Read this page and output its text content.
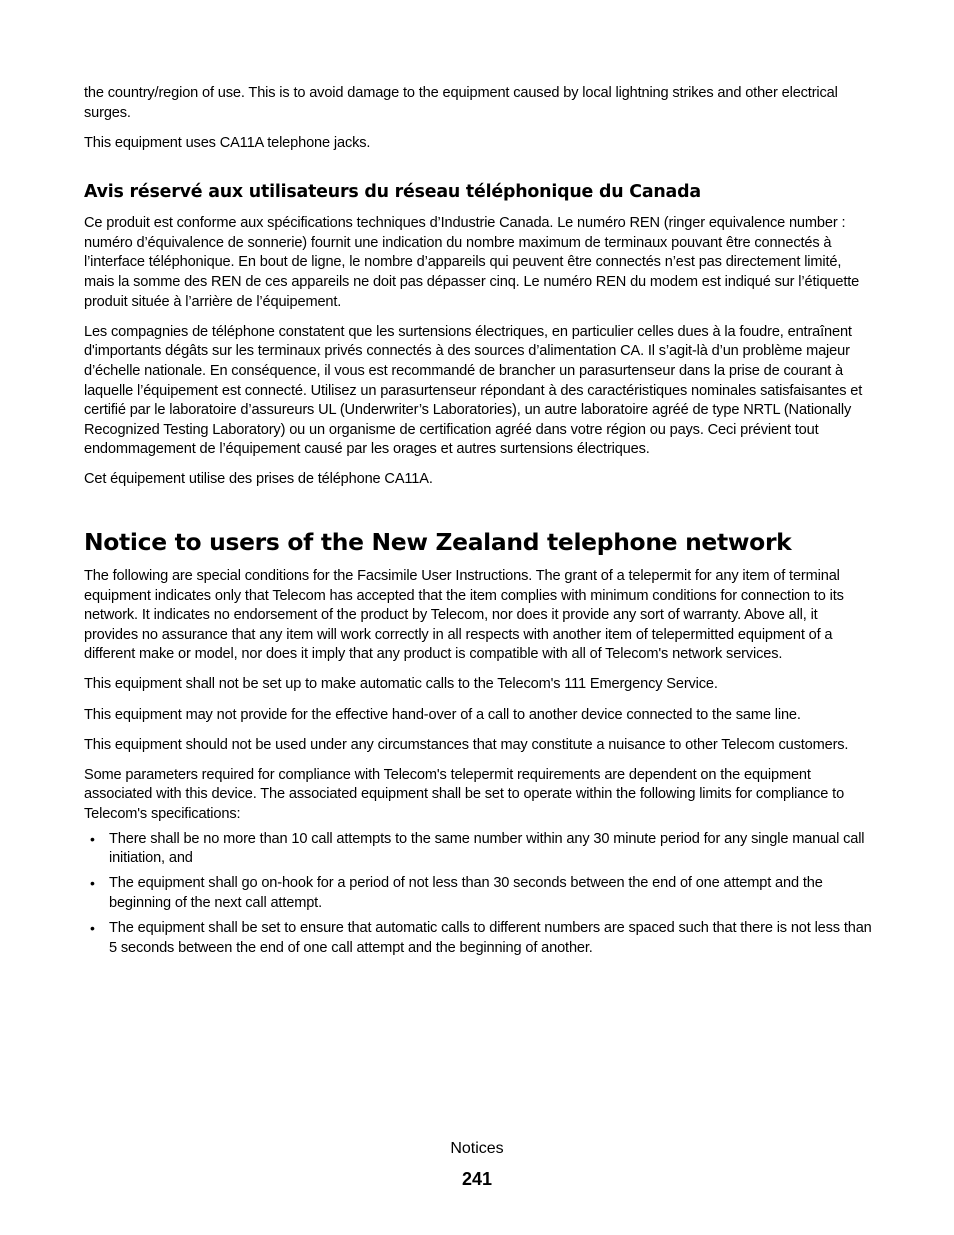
the country/region of use. This is to avoid damage to the equipment caused by local lightning strikes and other electrical surges.

This equipment uses CA11A telephone jacks.

Avis réservé aux utilisateurs du réseau téléphonique du Canada

Ce produit est conforme aux spécifications techniques d’Industrie Canada. Le numéro REN (ringer equivalence number : numéro d’équivalence de sonnerie) fournit une indication du nombre maximum de terminaux pouvant être connectés à l’interface téléphonique. En bout de ligne, le nombre d’appareils qui peuvent être connectés n’est pas directement limité, mais la somme des REN de ces appareils ne doit pas dépasser cinq. Le numéro REN du modem est indiqué sur l’étiquette produit située à l’arrière de l’équipement.

Les compagnies de téléphone constatent que les surtensions électriques, en particulier celles dues à la foudre, entraînent d'importants dégâts sur les terminaux privés connectés à des sources d’alimentation CA. Il s’agit-là d’un problème majeur d’échelle nationale. En conséquence, il vous est recommandé de brancher un parasurtenseur dans la prise de courant à laquelle l’équipement est connecté. Utilisez un parasurtenseur répondant à des caractéristiques nominales satisfaisantes et certifié par le laboratoire d’assureurs UL (Underwriter’s Laboratories), un autre laboratoire agréé de type NRTL (Nationally Recognized Testing Laboratory) ou un organisme de certification agréé dans votre région ou pays. Ceci prévient tout endommagement de l’équipement causé par les orages et autres surtensions électriques.

Cet équipement utilise des prises de téléphone CA11A.

Notice to users of the New Zealand telephone network

The following are special conditions for the Facsimile User Instructions. The grant of a telepermit for any item of terminal equipment indicates only that Telecom has accepted that the item complies with minimum conditions for connection to its network. It indicates no endorsement of the product by Telecom, nor does it provide any sort of warranty. Above all, it provides no assurance that any item will work correctly in all respects with another item of telepermitted equipment of a different make or model, nor does it imply that any product is compatible with all of Telecom's network services.

This equipment shall not be set up to make automatic calls to the Telecom's 111 Emergency Service.

This equipment may not provide for the effective hand-over of a call to another device connected to the same line.

This equipment should not be used under any circumstances that may constitute a nuisance to other Telecom customers.

Some parameters required for compliance with Telecom's telepermit requirements are dependent on the equipment associated with this device. The associated equipment shall be set to operate within the following limits for compliance to Telecom's specifications:

• There shall be no more than 10 call attempts to the same number within any 30 minute period for any single manual call initiation, and

• The equipment shall go on-hook for a period of not less than 30 seconds between the end of one attempt and the beginning of the next call attempt.

• The equipment shall be set to ensure that automatic calls to different numbers are spaced such that there is not less than 5 seconds between the end of one call attempt and the beginning of another.

Notices
241
